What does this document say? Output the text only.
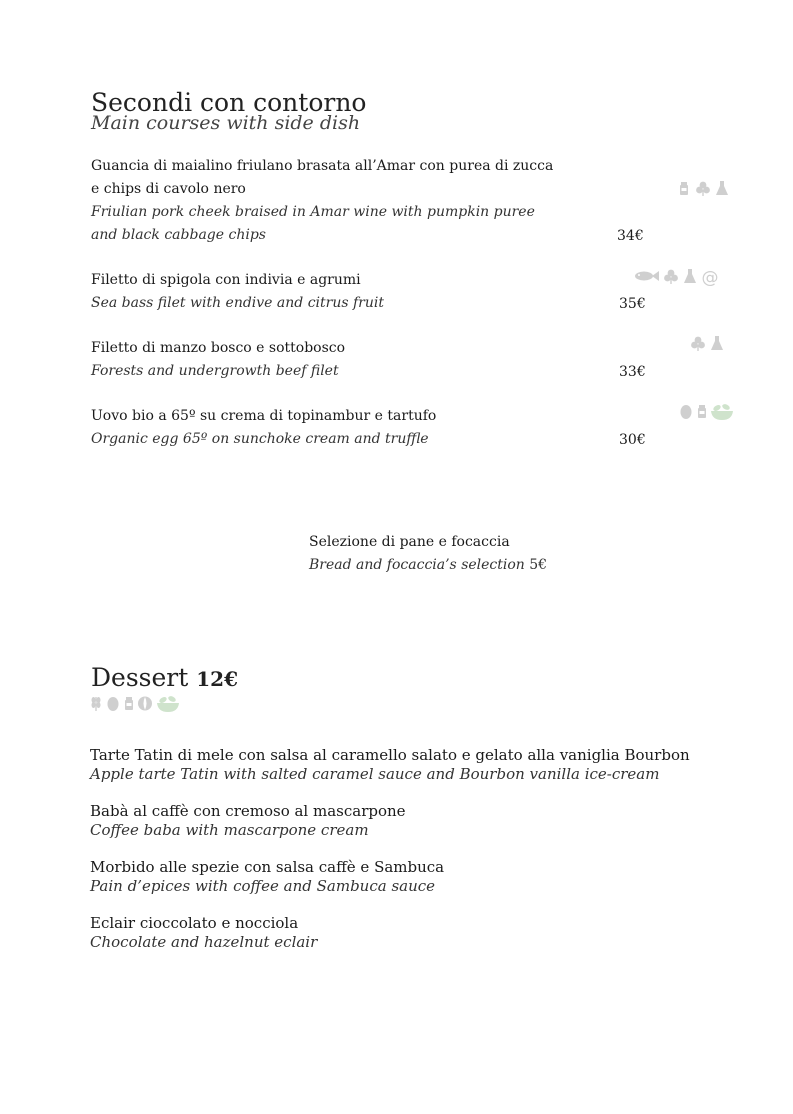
Secondi con contorno
Main courses with side dish
Guancia di maialino friulano brasata all’Amar con purea di zucca
e chips di cavolo nero
Friulian pork cheek braised in Amar wine with pumpkin puree
and black cabbage chips	34€
Filetto di spigola con indivia e agrumi
Sea bass filet with endive and citrus fruit	35€
@
Filetto di manzo bosco e sottobosco
Forests and undergrowth beef filet	33€
Uovo bio a 65º su crema di topinambur e tartufo
Organic egg 65º on sunchoke cream and truffle	30€
Selezione di pane e focaccia
Bread and focaccia’s selection 5€
Dessert 12€
Tarte Tatin di mele con salsa al caramello salato e gelato alla vaniglia Bourbon
Apple tarte Tatin with salted caramel sauce and Bourbon vanilla ice-cream
Babà al caffè con cremoso al mascarpone
Coffee baba with mascarpone cream
Morbido alle spezie con salsa caffè e Sambuca
Pain d’epices with coffee and Sambuca sauce
Eclair cioccolato e nocciola
Chocolate and hazelnut eclair
